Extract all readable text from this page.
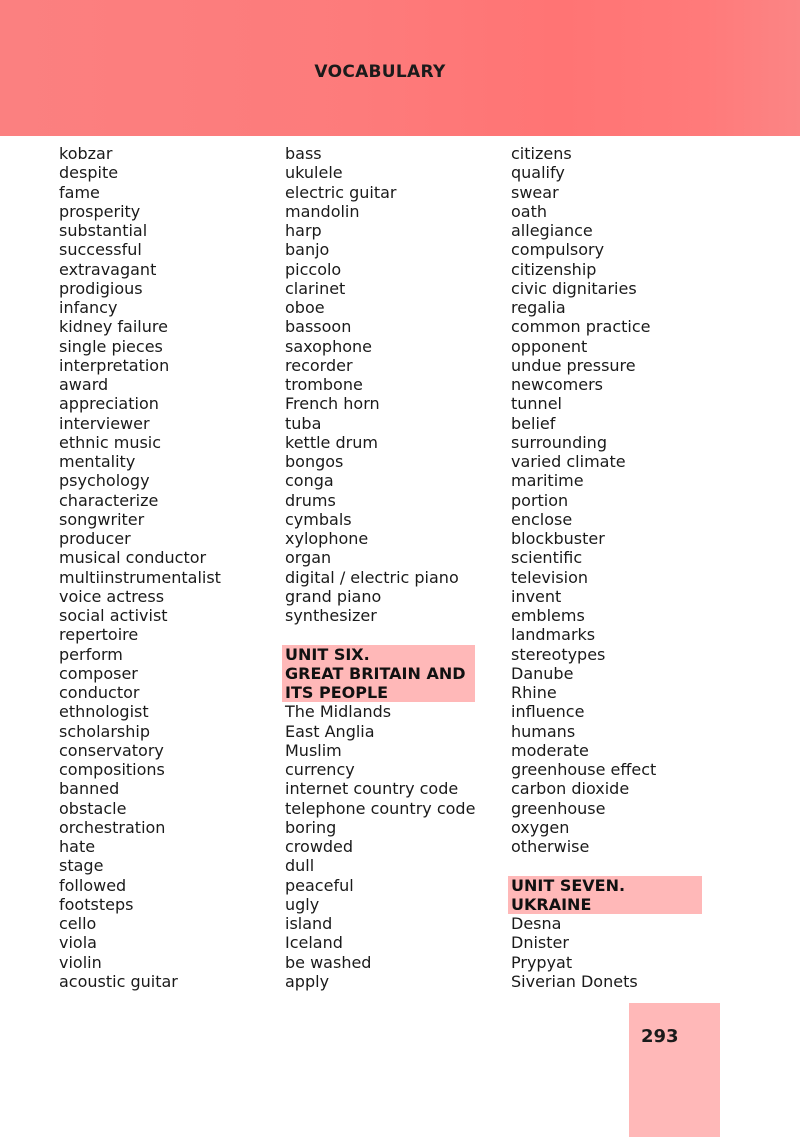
VOCABULARY
kobzar
despite
fame
prosperity
substantial
successful
extravagant
prodigious
infancy
kidney failure
single pieces
interpretation
award
appreciation
interviewer
ethnic music
mentality
psychology
characterize
songwriter
producer
musical conductor
multiinstrumentalist
voice actress
social activist
repertoire
perform
composer
conductor
ethnologist
scholarship
conservatory
compositions
banned
obstacle
orchestration
hate
stage
followed
footsteps
cello
viola
violin
acoustic guitar
bass
ukulele
electric guitar
mandolin
harp
banjo
piccolo
clarinet
oboe
bassoon
saxophone
recorder
trombone
French horn
tuba
kettle drum
bongos
conga
drums
cymbals
xylophone
organ
digital / electric piano
grand piano
synthesizer
UNIT SIX.
GREAT BRITAIN AND
ITS PEOPLE
The Midlands
East Anglia
Muslim
currency
internet country code
telephone country code
boring
crowded
dull
peaceful
ugly
island
Iceland
be washed
apply
citizens
qualify
swear
oath
allegiance
compulsory
citizenship
civic dignitaries
regalia
common practice
opponent
undue pressure
newcomers
tunnel
belief
surrounding
varied climate
maritime
portion
enclose
blockbuster
scientific
television
invent
emblems
landmarks
stereotypes
Danube
Rhine
influence
humans
moderate
greenhouse effect
carbon dioxide
greenhouse
oxygen
otherwise
UNIT SEVEN.
UKRAINE
Desna
Dnister
Prypyat
Siverian Donets
293
